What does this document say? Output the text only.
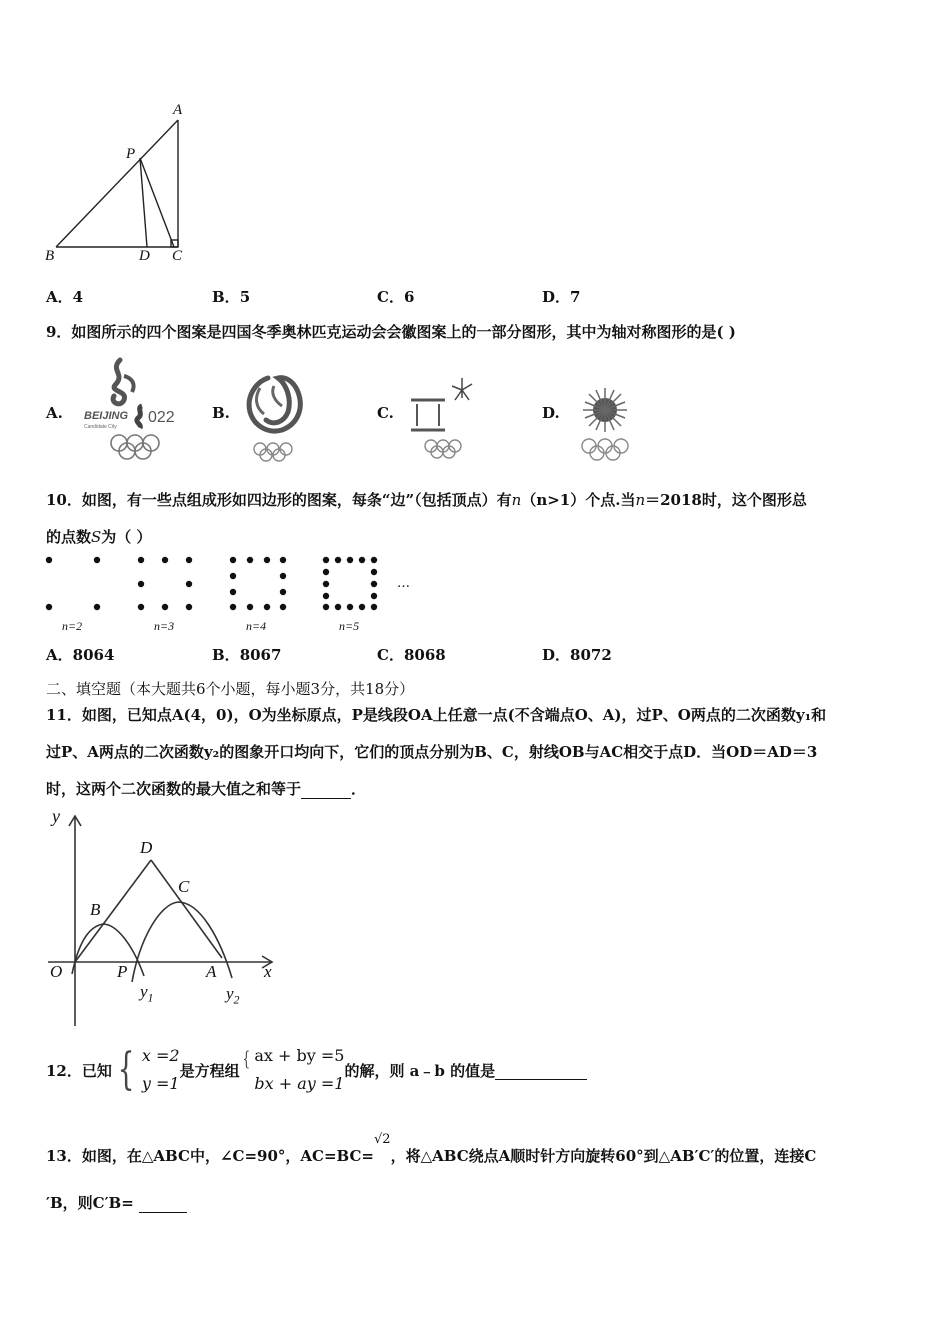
A
P
B	D C
A．4	B．5	C．6	D．7
9．如图所示的四个图案是四国冬季奥林匹克运动会会徽图案上的一部分图形，其中为轴对称图形的是( )
A. BEIJING 022
Candidate City
B.	C.	D.
10．如图，有一些点组成形如四边形的图案，每条“边”（包括顶点）有n（n>1）个点.当n＝2018时，这个图形总
的点数S为（ ）
…
n=2	n=3	n=4	n=5
A．8064	B．8067	C．8068	D．8072
二、填空题（本大题共6个小题，每小题3分，共18分）
11．如图，已知点A(4，0)，O为坐标原点，P是线段OA上任意一点(不含端点O、A)，过P、O两点的二次函数y₁和
过P、A两点的二次函数y₂的图象开口均向下，它们的顶点分别为B、C，射线OB与AC相交于点D．当OD＝AD＝3
时，这两个二次函数的最大值之和等于	．
y
x
O	P	A
B
C
D
$y_1$	$y_2$
12．已知 { x =2
y =1
是方程组
{ ax + by =5
bx + ay =1
的解，则 a﹣b 的值是

13．如图，在△ABC中，∠C=90°，AC=BC=√2，将△ABC绕点A顺时针方向旋转60°到△AB′C′的位置，连接C
′B，则C′B=
